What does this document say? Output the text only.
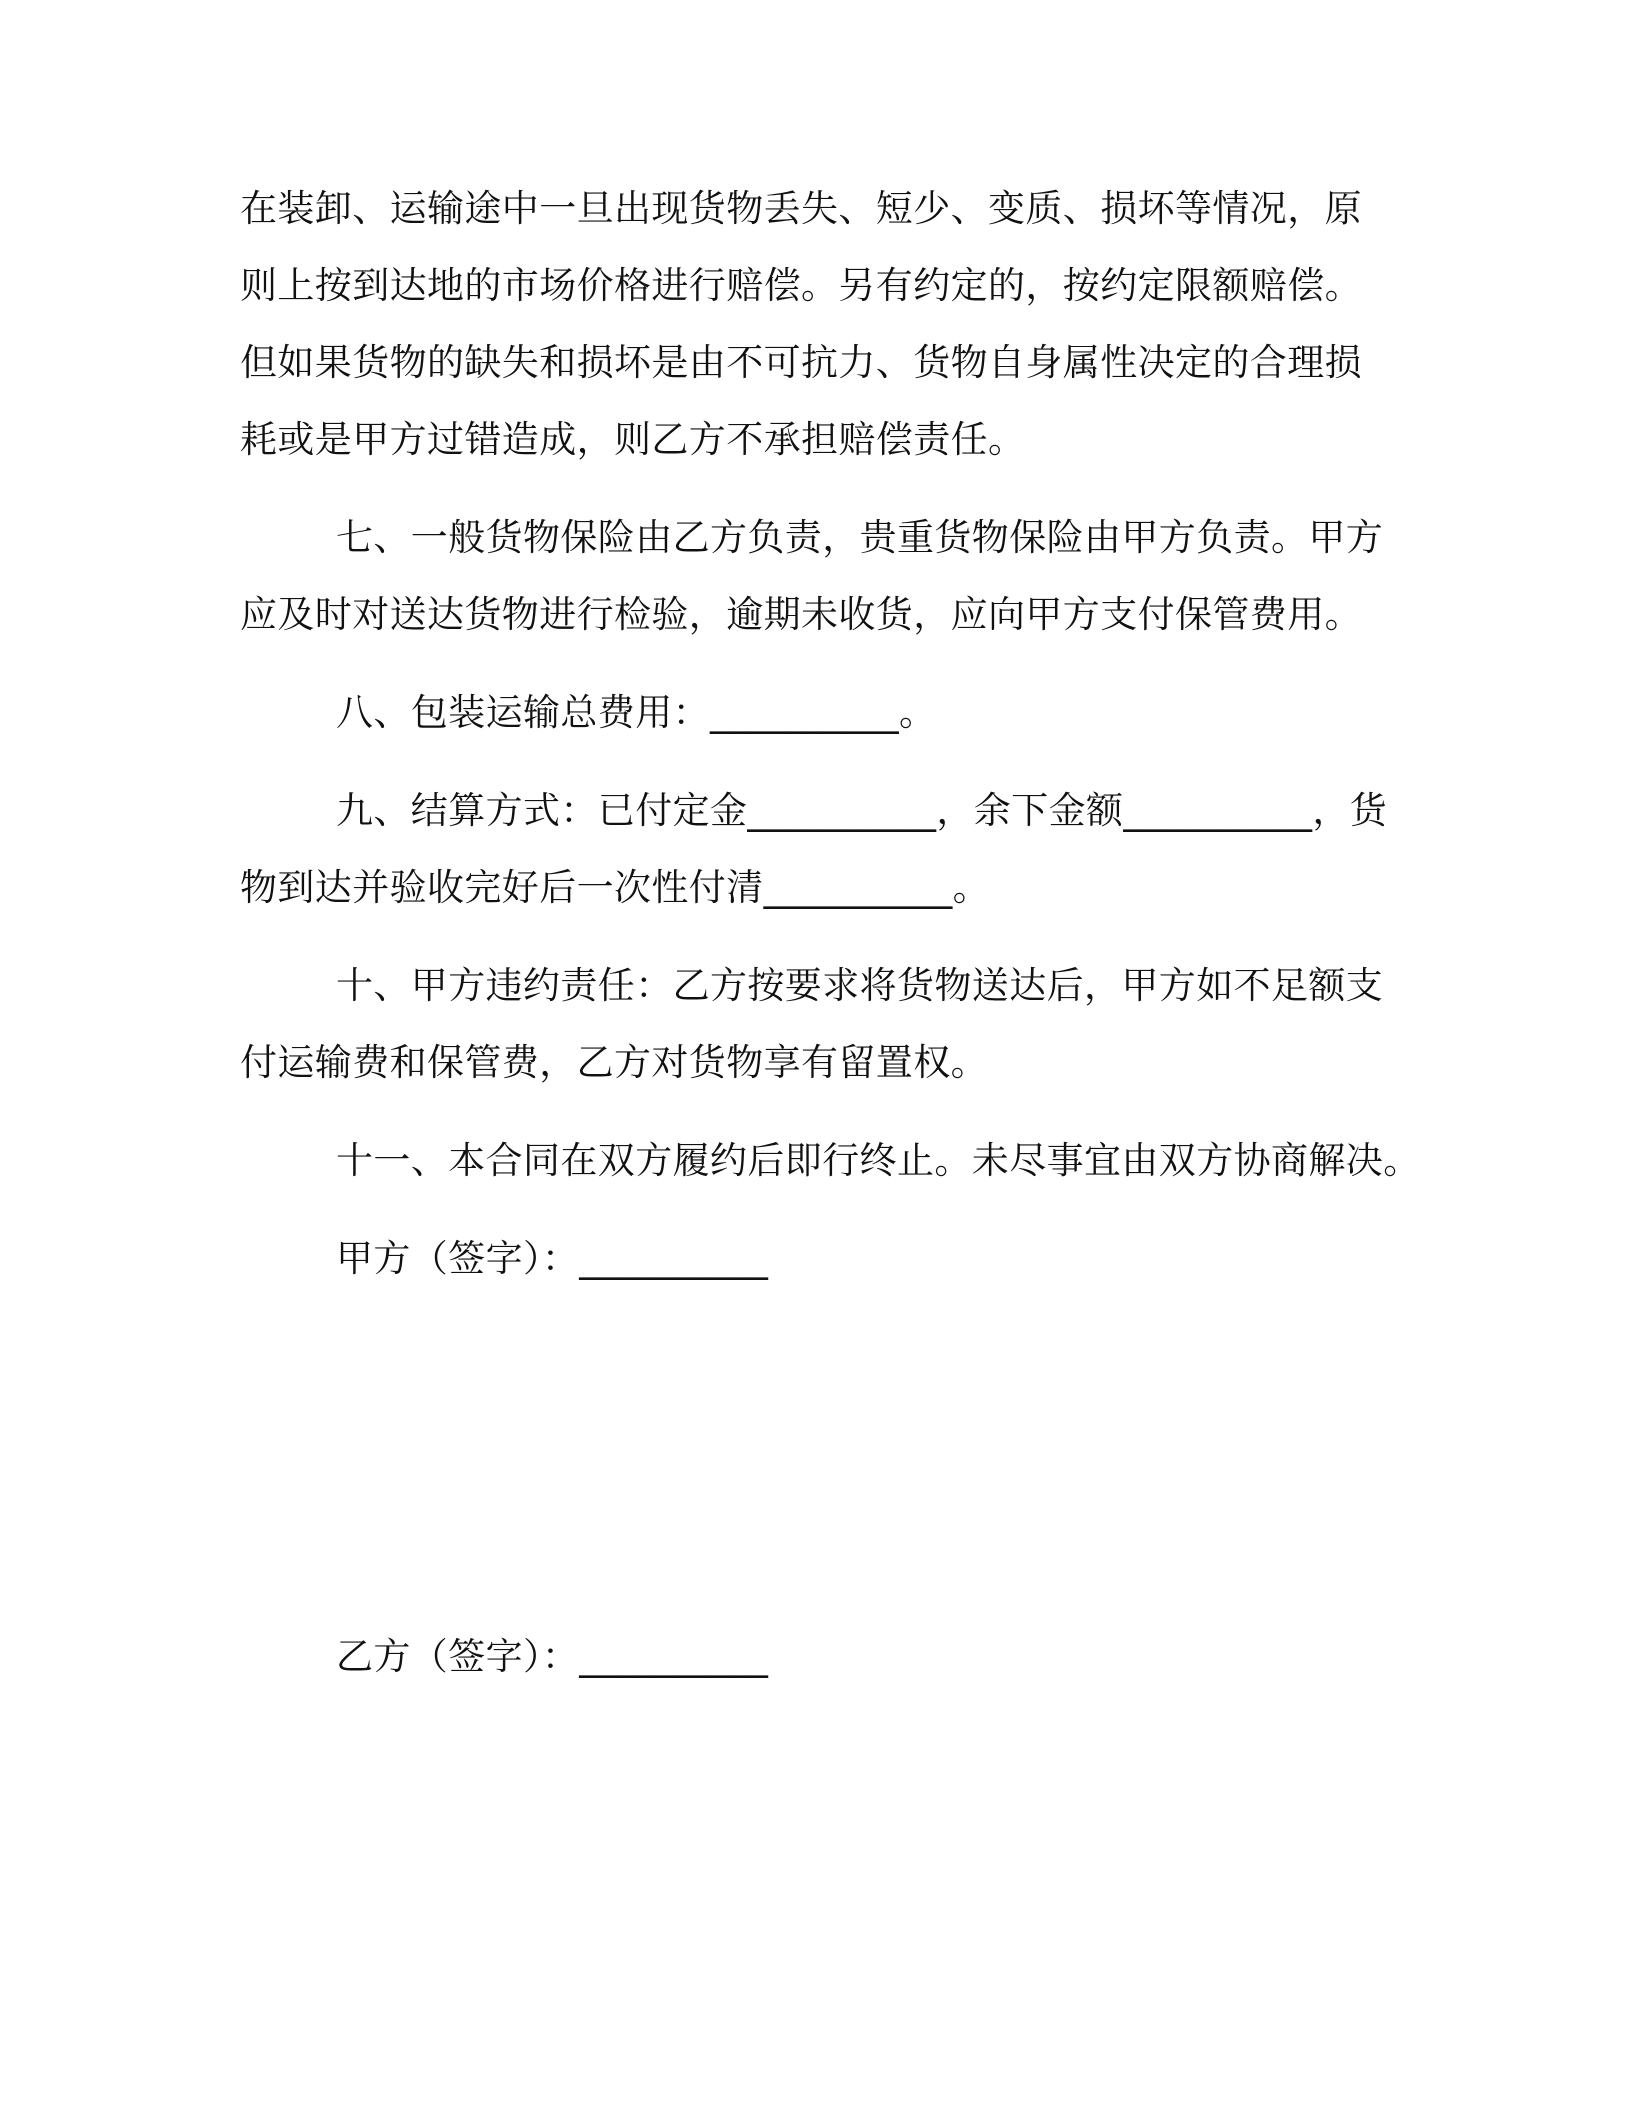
在装卸、运输途中一旦出现货物丢失、短少、变质、损坏等情况，原
则上按到达地的市场价格进行赔偿。另有约定的，按约定限额赔偿。
但如果货物的缺失和损坏是由不可抗力、货物自身属性决定的合理损
耗或是甲方过错造成，则乙方不承担赔偿责任。
七、一般货物保险由乙方负责，贵重货物保险由甲方负责。甲方
应及时对送达货物进行检验，逾期未收货，应向甲方支付保管费用。
八、包装运输总费用：__________。
九、结算方式：已付定金__________，余下金额__________，货
物到达并验收完好后一次性付清__________。
十、甲方违约责任：乙方按要求将货物送达后，甲方如不足额支
付运输费和保管费，乙方对货物享有留置权。
十一、本合同在双方履约后即行终止。未尽事宜由双方协商解决。
甲方（签字）：__________
乙方（签字）：__________
